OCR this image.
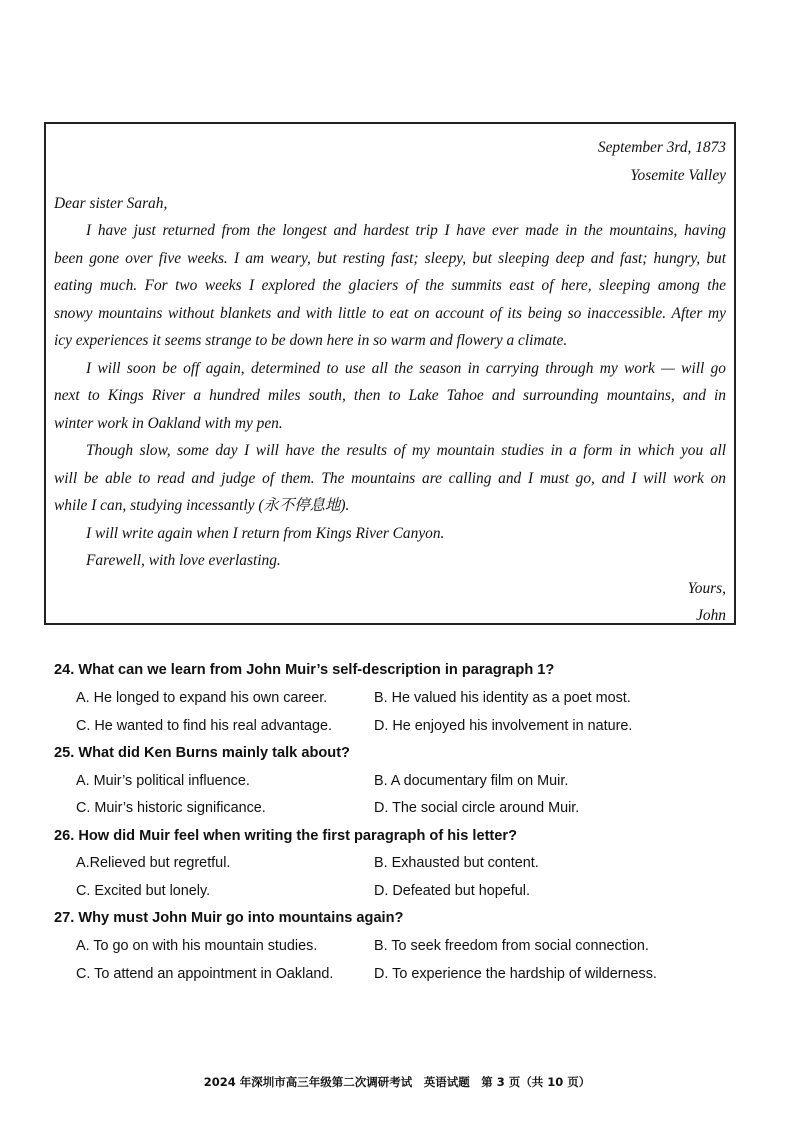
September 3rd, 1873
Yosemite Valley
Dear sister Sarah,
I have just returned from the longest and hardest trip I have ever made in the mountains, having
been gone over five weeks. I am weary, but resting fast; sleepy, but sleeping deep and fast; hungry, but
eating much. For two weeks I explored the glaciers of the summits east of here, sleeping among the
snowy mountains without blankets and with little to eat on account of its being so inaccessible. After my
icy experiences it seems strange to be down here in so warm and flowery a climate.
I will soon be off again, determined to use all the season in carrying through my work — will go
next to Kings River a hundred miles south, then to Lake Tahoe and surrounding mountains, and in
winter work in Oakland with my pen.
Though slow, some day I will have the results of my mountain studies in a form in which you all
will be able to read and judge of them. The mountains are calling and I must go, and I will work on
while I can, studying incessantly (永不停息地).
I will write again when I return from Kings River Canyon.
Farewell, with love everlasting.
Yours,
John
24. What can we learn from John Muir’s self-description in paragraph 1?
A. He longed to expand his own career.	B. He valued his identity as a poet most.
C. He wanted to find his real advantage.	D. He enjoyed his involvement in nature.
25. What did Ken Burns mainly talk about?
A. Muir’s political influence.	B. A documentary film on Muir.
C. Muir’s historic significance.	D. The social circle around Muir.
26. How did Muir feel when writing the first paragraph of his letter?
A.Relieved but regretful.	B. Exhausted but content.
C. Excited but lonely.	D. Defeated but hopeful.
27. Why must John Muir go into mountains again?
A. To go on with his mountain studies.	B. To seek freedom from social connection.
C. To attend an appointment in Oakland.	D. To experience the hardship of wilderness.
2024 年深圳市高三年级第二次调研考试　英语试题　第 3 页（共 10 页）
